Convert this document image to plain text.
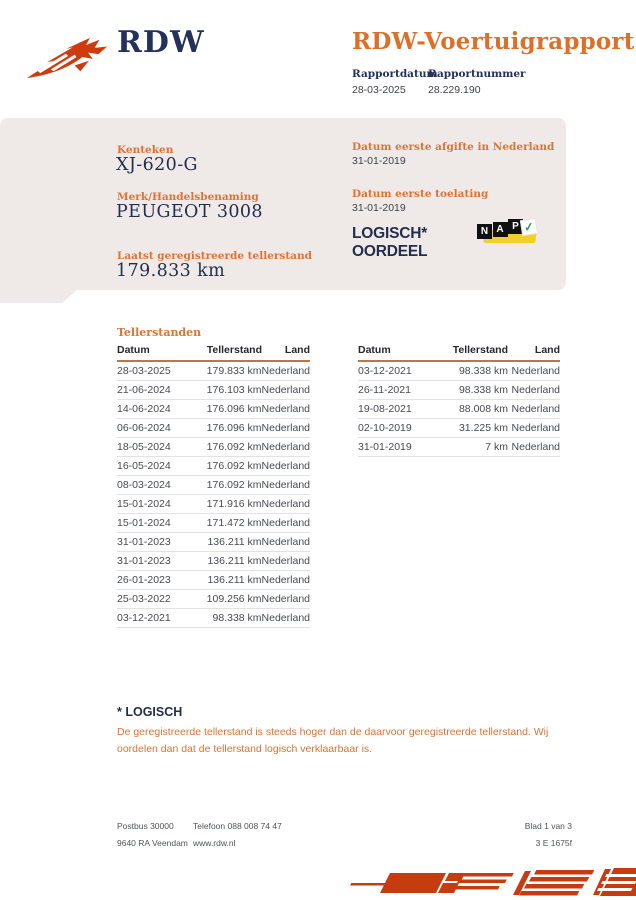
RDW	RDW-Voertuigrapport
Rapportdatum
28-03-2025
Rapportnummer
28.229.190
Kenteken
XJ-620-G
Merk/Handelsbenaming
PEUGEOT 3008
Laatst geregistreerde tellerstand
179.833 km
Datum eerste afgifte in Nederland
31-01-2019
Datum eerste toelating
31-01-2019
LOGISCH*
OORDEEL
N A P ✓
Tellerstanden
Datum	Tellerstand	Land
28-03-2025	179.833 km Nederland
21-06-2024	176.103 km Nederland
14-06-2024	176.096 km Nederland
06-06-2024	176.096 km Nederland
18-05-2024	176.092 km Nederland
16-05-2024	176.092 km Nederland
08-03-2024	176.092 km Nederland
15-01-2024	171.916 km Nederland
15-01-2024	171.472 km Nederland
31-01-2023	136.211 km Nederland
31-01-2023	136.211 km Nederland
26-01-2023	136.211 km Nederland
25-03-2022	109.256 km Nederland
03-12-2021	98.338 km Nederland
Datum	Tellerstand	Land
03-12-2021	98.338 km Nederland
26-11-2021	98.338 km Nederland
19-08-2021	88.008 km Nederland
02-10-2019	31.225 km Nederland
31-01-2019	7 km Nederland
* LOGISCH
De geregistreerde tellerstand is steeds hoger dan de daarvoor geregistreerde tellerstand. Wij oordelen dan dat de tellerstand logisch verklaarbaar is.
Postbus 30000
9640 RA Veendam
Telefoon 088 008 74 47
www.rdw.nl
Blad 1 van 3
3 E 1675f
